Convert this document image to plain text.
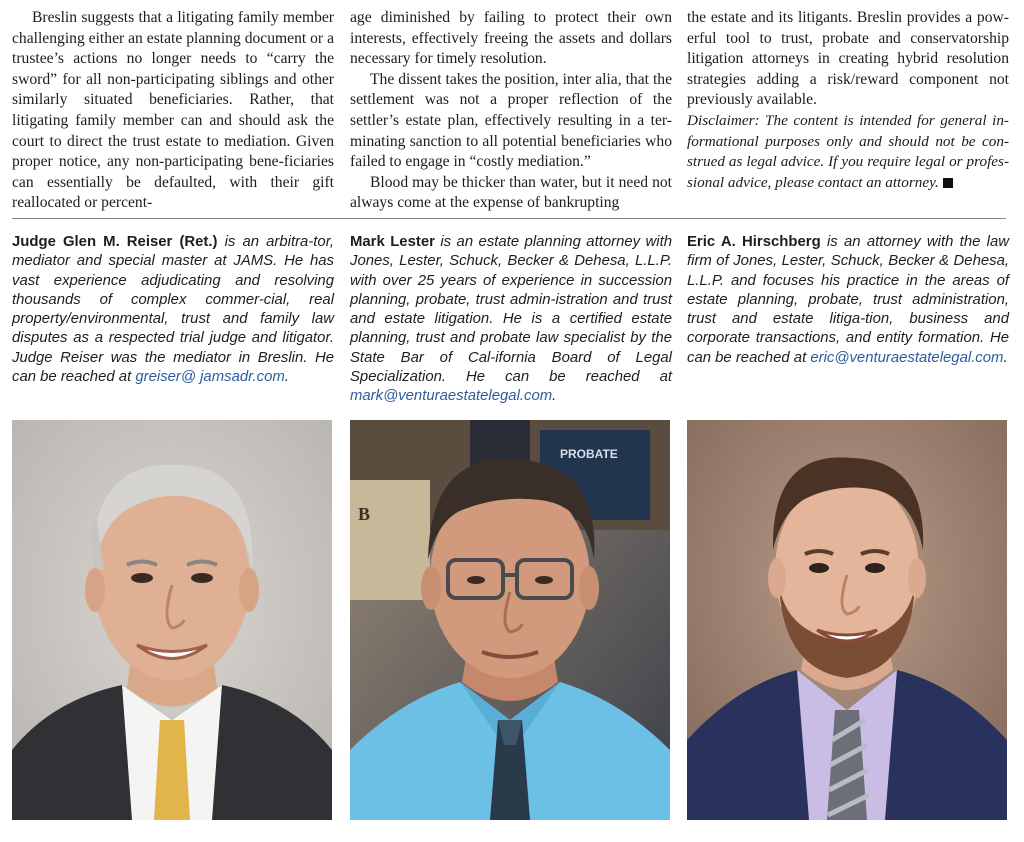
Breslin suggests that a litigating family member challenging either an estate planning document or a trustee’s actions no longer needs to “carry the sword” for all non-participating siblings and other similarly situated beneficiaries. Rather, that litigating family member can and should ask the court to direct the trust estate to mediation. Given proper notice, any non-participating bene-ficiaries can essentially be defaulted, with their gift reallocated or percent-

age diminished by failing to protect their own interests, effectively freeing the assets and dollars necessary for timely resolution.

The dissent takes the position, inter alia, that the settlement was not a proper reflection of the settler’s estate plan, effectively resulting in a ter-minating sanction to all potential beneficiaries who failed to engage in “costly mediation.”

Blood may be thicker than water, but it need not always come at the expense of bankrupting

the estate and its litigants. Breslin provides a pow-erful tool to trust, probate and conservatorship litigation attorneys in creating hybrid resolution strategies adding a risk/reward component not previously available.

Disclaimer: The content is intended for general in-formational purposes only and should not be con-strued as legal advice. If you require legal or profes-sional advice, please contact an attorney.

Judge Glen M. Reiser (Ret.) is an arbitra-tor, mediator and special master at JAMS. He has vast experience adjudicating and resolving thousands of complex commer-cial, real property/environmental, trust and family law disputes as a respected trial judge and litigator. Judge Reiser was the mediator in Breslin. He can be reached at greiser@ jamsadr.com.
Mark Lester is an estate planning attorney with Jones, Lester, Schuck, Becker & Dehesa, L.L.P. with over 25 years of experience in succession planning, probate, trust admin-istration and trust and estate litigation. He is a certified estate planning, trust and probate law specialist by the State Bar of Cal-ifornia Board of Legal Specialization. He can be reached at mark@venturaestatelegal.com.
Eric A. Hirschberg is an attorney with the law firm of Jones, Lester, Schuck, Becker & Dehesa, L.L.P. and focuses his practice in the areas of estate planning, probate, trust administration, trust and estate litiga-tion, business and corporate transactions, and entity formation. He can be reached at eric@venturaestatelegal.com.
PROBATE
B
